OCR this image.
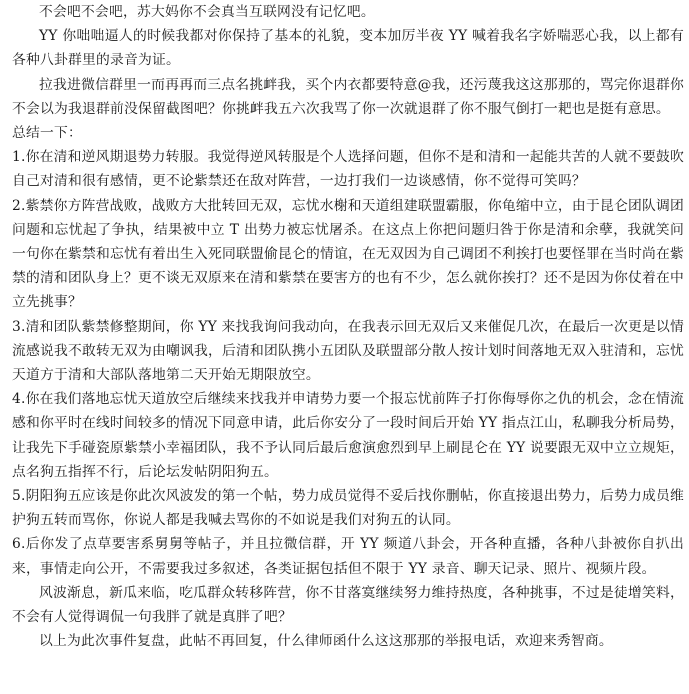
不会吧不会吧，苏大妈你不会真当互联网没有记忆吧。

YY 你咄咄逼人的时候我都对你保持了基本的礼貌，变本加厉半夜 YY 喊着我名字娇喘恶心我，以上都有各种八卦群里的录音为证。

拉我进微信群里一而再再而三点名挑衅我，买个内衣都要特意@我，还污蔑我这这那那的，骂完你退群你不会以为我退群前没保留截图吧？你挑衅我五六次我骂了你一次就退群了你不服气倒打一耙也是挺有意思。

总结一下：

1.你在清和逆风期退势力转服。我觉得逆风转服是个人选择问题，但你不是和清和一起能共苦的人就不要鼓吹自己对清和很有感情，更不论紫禁还在敌对阵营，一边打我们一边谈感情，你不觉得可笑吗？

2.紫禁你方阵营战败，战败方大批转回无双，忘忧水榭和天道组建联盟霸服，你龟缩中立，由于昆仑团队调团问题和忘忧起了争执，结果被中立 T 出势力被忘忧屠杀。在这点上你把问题归咎于你是清和余孽，我就笑问一句你在紫禁和忘忧有着出生入死同联盟偷昆仑的情谊，在无双因为自己调团不利挨打也要怪罪在当时尚在紫禁的清和团队身上？更不谈无双原来在清和紫禁在要害方的也有不少，怎么就你挨打？还不是因为你仗着在中立先挑事？

3.清和团队紫禁修整期间，你 YY 来找我询问我动向，在我表示回无双后又来催促几次，在最后一次更是以情流感说我不敢转无双为由嘲讽我，后清和团队携小五团队及联盟部分散人按计划时间落地无双入驻清和，忘忧天道方于清和大部队落地第二天开始无期限放空。

4.你在我们落地忘忧天道放空后继续来找我并申请势力要一个报忘忧前阵子打你侮辱你之仇的机会，念在情流感和你平时在线时间较多的情况下同意申请，此后你安分了一段时间后开始 YY 指点江山，私聊我分析局势，让我先下手碰瓷原紫禁小幸福团队，我不予认同后最后愈演愈烈到早上刷昆仑在 YY 说要跟无双中立立规矩，点名狗五指挥不行，后论坛发帖阴阳狗五。

5.阴阳狗五应该是你此次风波发的第一个帖，势力成员觉得不妥后找你删帖，你直接退出势力，后势力成员维护狗五转而骂你，你说人都是我喊去骂你的不如说是我们对狗五的认同。

6.后你发了点草要害系舅舅等帖子，并且拉微信群，开 YY 频道八卦会，开各种直播，各种八卦被你自扒出来，事情走向公开，不需要我过多叙述，各类证据包括但不限于 YY 录音、聊天记录、照片、视频片段。

风波渐息，新瓜来临，吃瓜群众转移阵营，你不甘落寞继续努力维持热度，各种挑事，不过是徒增笑料，不会有人觉得调侃一句我胖了就是真胖了吧？

以上为此次事件复盘，此帖不再回复，什么律师函什么这这那那的举报电话，欢迎来秀智商。
